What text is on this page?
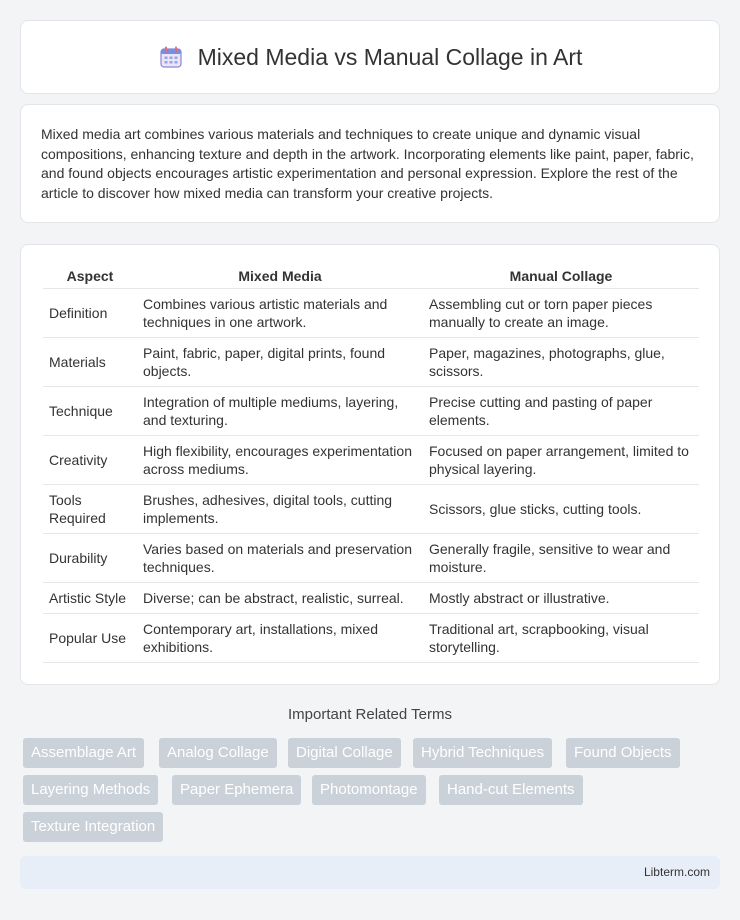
Mixed Media vs Manual Collage in Art

Mixed media art combines various materials and techniques to create unique and dynamic visual compositions, enhancing texture and depth in the artwork. Incorporating elements like paint, paper, fabric, and found objects encourages artistic experimentation and personal expression. Explore the rest of the article to discover how mixed media can transform your creative projects.

Aspect	Mixed Media	Manual Collage
Definition	Combines various artistic materials and techniques in one artwork.	Assembling cut or torn paper pieces manually to create an image.
Materials	Paint, fabric, paper, digital prints, found objects.	Paper, magazines, photographs, glue, scissors.
Technique	Integration of multiple mediums, layering, and texturing.	Precise cutting and pasting of paper elements.
Creativity	High flexibility, encourages experimentation across mediums.	Focused on paper arrangement, limited to physical layering.
Tools Required	Brushes, adhesives, digital tools, cutting implements.	Scissors, glue sticks, cutting tools.
Durability	Varies based on materials and preservation techniques.	Generally fragile, sensitive to wear and moisture.
Artistic Style	Diverse; can be abstract, realistic, surreal.	Mostly abstract or illustrative.
Popular Use	Contemporary art, installations, mixed exhibitions.	Traditional art, scrapbooking, visual storytelling.
Important Related Terms
Assemblage Art	Analog Collage	Digital Collage	Hybrid Techniques	Found Objects
Layering Methods	Paper Ephemera	Photomontage	Hand-cut Elements
Texture Integration
Libterm.com
